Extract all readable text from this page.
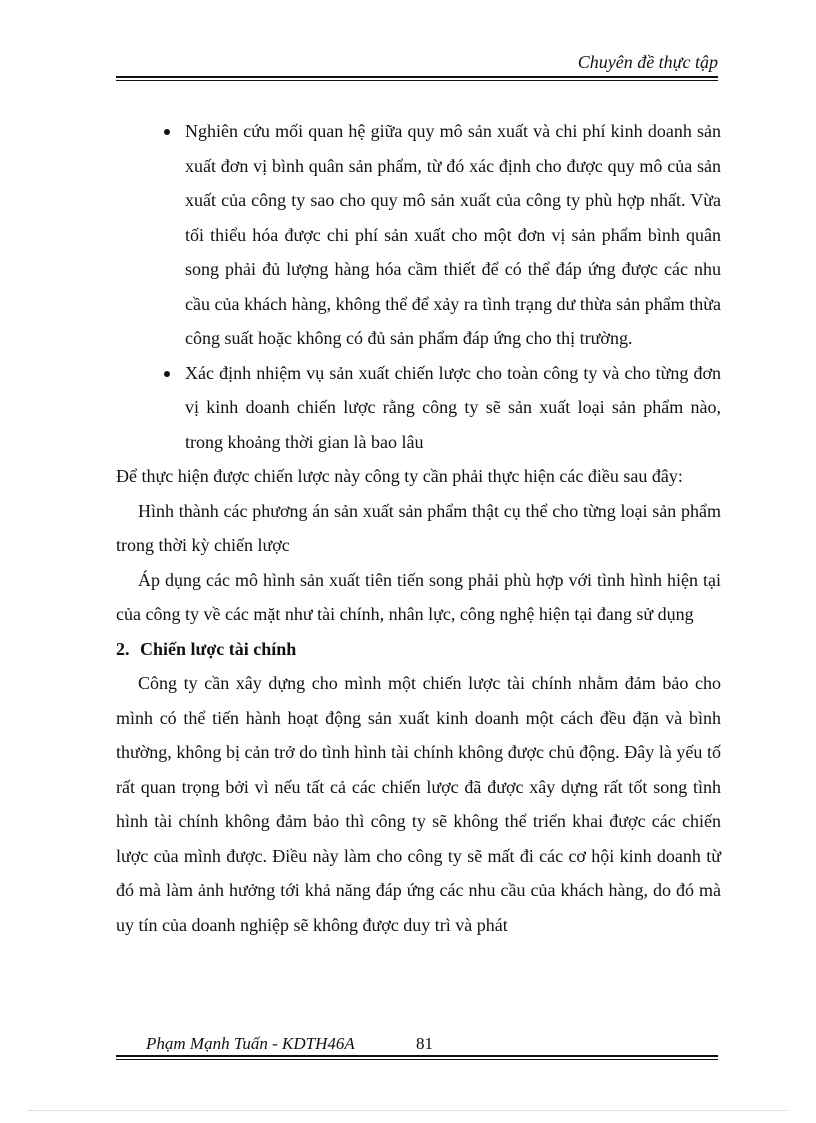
Chuyên đề thực tập
Nghiên cứu mối quan hệ giữa quy mô sản xuất và chi phí kinh doanh sản xuất đơn vị bình quân sản phẩm, từ đó xác định cho được quy mô của sản xuất của công ty sao cho quy mô sản xuất của công ty phù hợp nhất. Vừa tối thiểu hóa được chi phí sản xuất cho một đơn vị sản phẩm bình quân song phải đủ lượng hàng hóa cầm thiết để có thể đáp ứng được các nhu cầu của khách hàng, không thể để xảy ra tình trạng dư thừa sản phẩm thừa công suất hoặc không có đủ sản phẩm đáp ứng cho thị trường.
Xác định nhiệm vụ sản xuất chiến lược cho toàn công ty và cho từng đơn vị kinh doanh chiến lược rằng công ty sẽ sản xuất loại sản phẩm nào, trong khoảng thời gian là bao lâu
Để thực hiện được chiến lược này công ty cần phải thực hiện các điều sau đây:
Hình thành các phương án sản xuất sản phẩm thật cụ thể cho từng loại sản phẩm trong thời kỳ chiến lược
Áp dụng các mô hình sản xuất tiên tiến song phải phù hợp với tình hình hiện tại của công ty về các mặt như tài chính, nhân lực, công nghệ hiện tại đang sử dụng
2. Chiến lược tài chính
Công ty cần xây dựng cho mình một chiến lược tài chính nhằm đảm bảo cho mình có thể tiến hành hoạt động sản xuất kinh doanh một cách đều đặn và bình thường, không bị cản trở do tình hình tài chính không được chủ động. Đây là yếu tố rất quan trọng bởi vì nếu tất cả các chiến lược đã được xây dựng rất tốt song tình hình tài chính không đảm bảo thì công ty sẽ không thể triển khai được các chiến lược của mình được. Điều này làm cho công ty sẽ mất đi các cơ hội kinh doanh từ đó mà làm ảnh hưởng tới khả năng đáp ứng các nhu cầu của khách hàng, do đó mà uy tín của doanh nghiệp sẽ không được duy trì và phát
Phạm Mạnh Tuấn - KDTH46A	81
